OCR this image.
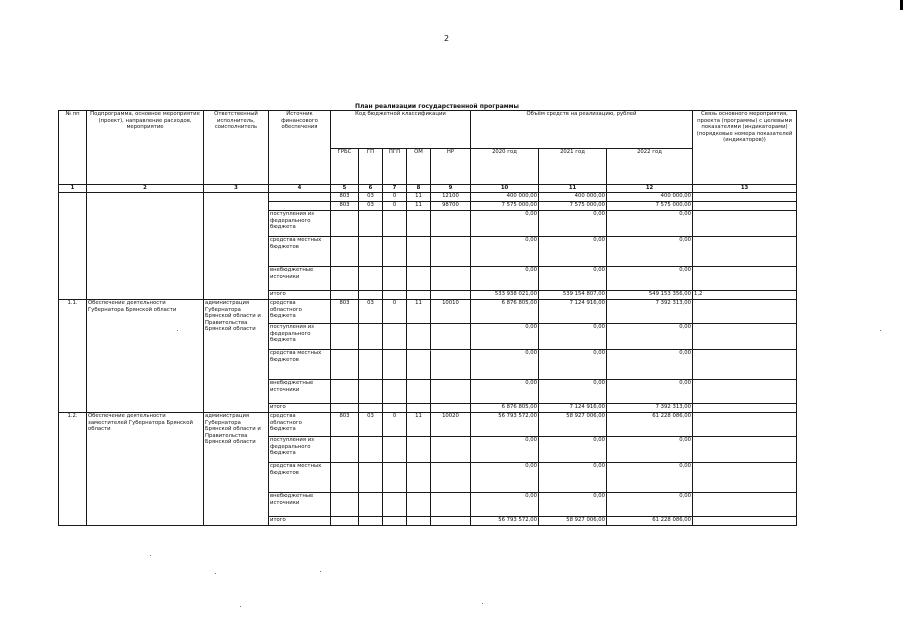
2
План реализации государственной программы
№ пп	Подпрограмма, основное мероприятие (проект), направление расходов, мероприятие	Ответственный исполнитель, соисполнитель	Источник финансового обеспечения	Код бюджетной классификации					Объём средств на реализацию, рублей			Связь основного мероприятия, проекта (программы) с целевыми показателями (индикаторами) (порядковые номера показателей (индикаторов))
				ГРБС	ГП	ПГП	ОМ	НР	2020 год	2021 год	2022 год	
1	2	3	4	5	6	7	8	9	10	11	12	13
				803	03	0	11	12100	400 000,00	400 000,00	400 000,00	
				803	03	0	11	98700	7 575 000,00	7 575 000,00	7 575 000,00	
			поступления из федерального бюджета						0,00	0,00	0,00	
			средства местных бюджетов						0,00	0,00	0,00	
			внебюджетные источники						0,00	0,00	0,00	
			итого						533 938 021,00	539 154 807,00	549 153 356,00	1,2
1.1.	Обеспечение деятельности Губернатора Брянской области	администрация Губернатора Брянской области и Правительства Брянской области	средства областного бюджета	803	03	0	11	10010	6 876 805,00	7 124 916,00	7 392 313,00	
			поступления из федерального бюджета						0,00	0,00	0,00	
			средства местных бюджетов						0,00	0,00	0,00	
			внебюджетные источники						0,00	0,00	0,00	
			итого						6 876 805,00	7 124 916,00	7 392 313,00	
1.2.	Обеспечение деятельности заместителей Губернатора Брянской области	администрация Губернатора Брянской области и Правительства Брянской области	средства областного бюджета	803	03	0	11	10020	56 793 572,00	58 927 006,00	61 228 086,00	
			поступления из федерального бюджета						0,00	0,00	0,00	
			средства местных бюджетов						0,00	0,00	0,00	
			внебюджетные источники						0,00	0,00	0,00	
			итого						56 793 572,00	58 927 006,00	61 228 086,00	
